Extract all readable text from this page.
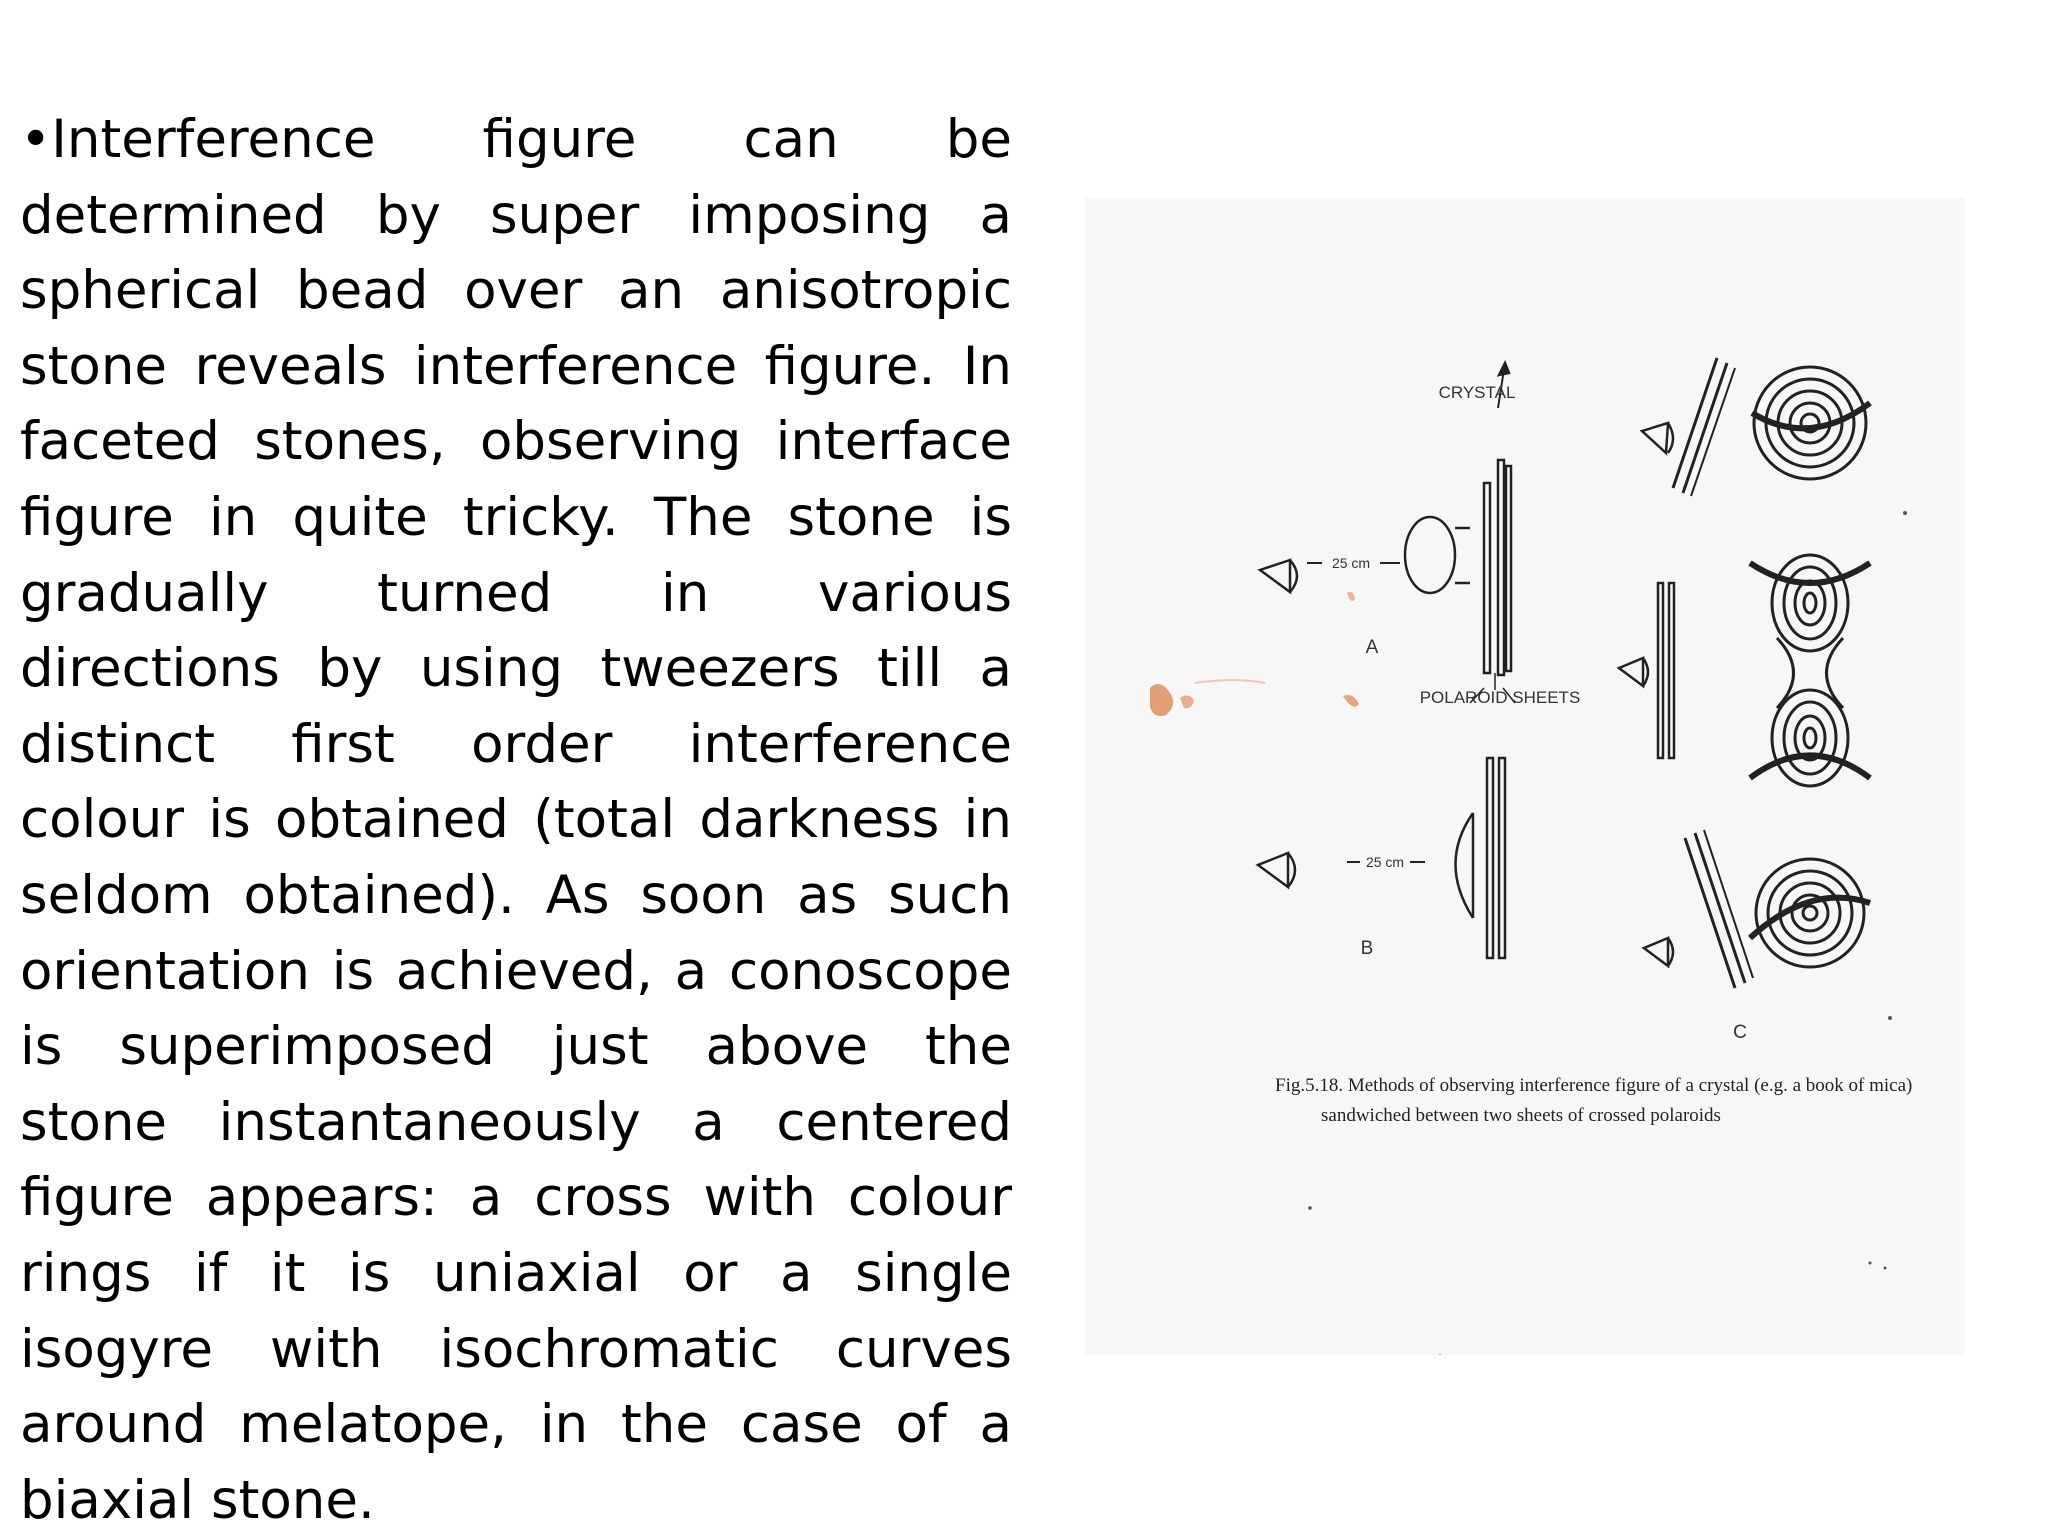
•Interference figure can be determined by super imposing a spherical bead over an anisotropic stone reveals interference figure. In faceted stones, observing interface figure in quite tricky. The stone is gradually turned in various directions by using tweezers till a distinct first order interference colour is obtained (total darkness in seldom obtained). As soon as such orientation is achieved, a conoscope is superimposed just above the stone instantaneously a centered figure appears: a cross with colour rings if it is uniaxial or a single isogyre with isochromatic curves around melatope, in the case of a biaxial stone.

CRYSTAL
25 cm
25 cm
A
B
C
POLAROID SHEETS
Fig.5.18. Methods of observing interference figure of a crystal (e.g. a book of mica)
sandwiched between two sheets of crossed polaroids
